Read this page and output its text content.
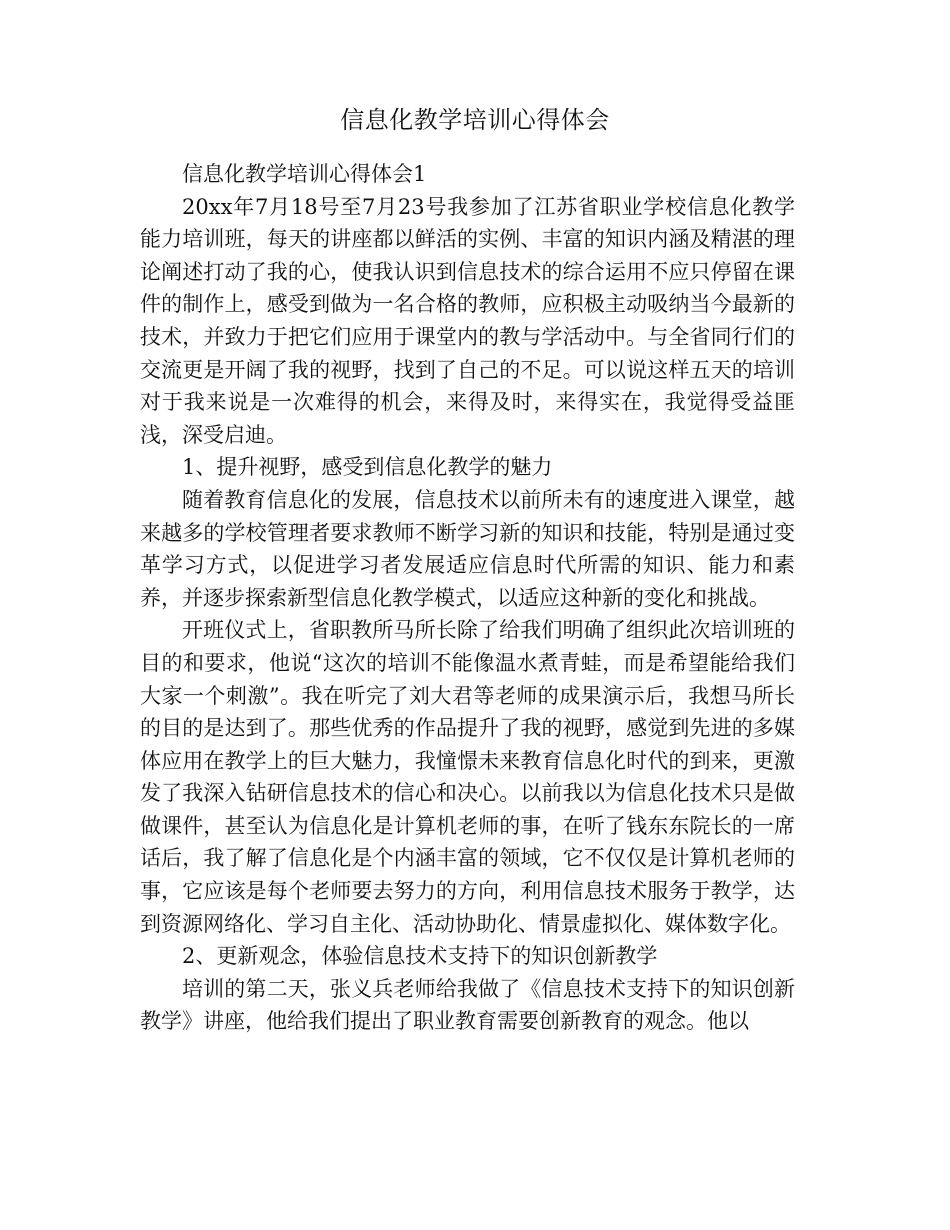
信息化教学培训心得体会

信息化教学培训心得体会1

20xx年7月18号至7月23号我参加了江苏省职业学校信息化教学能力培训班，每天的讲座都以鲜活的实例、丰富的知识内涵及精湛的理论阐述打动了我的心，使我认识到信息技术的综合运用不应只停留在课件的制作上，感受到做为一名合格的教师，应积极主动吸纳当今最新的技术，并致力于把它们应用于课堂内的教与学活动中。与全省同行们的交流更是开阔了我的视野，找到了自己的不足。可以说这样五天的培训对于我来说是一次难得的机会，来得及时，来得实在，我觉得受益匪浅，深受启迪。

1、提升视野，感受到信息化教学的魅力

随着教育信息化的发展，信息技术以前所未有的速度进入课堂，越来越多的学校管理者要求教师不断学习新的知识和技能，特别是通过变革学习方式，以促进学习者发展适应信息时代所需的知识、能力和素养，并逐步探索新型信息化教学模式，以适应这种新的变化和挑战。

开班仪式上，省职教所马所长除了给我们明确了组织此次培训班的目的和要求，他说“这次的培训不能像温水煮青蛙，而是希望能给我们大家一个刺激”。我在听完了刘大君等老师的成果演示后，我想马所长的目的是达到了。那些优秀的作品提升了我的视野，感觉到先进的多媒体应用在教学上的巨大魅力，我憧憬未来教育信息化时代的到来，更激发了我深入钻研信息技术的信心和决心。以前我以为信息化技术只是做做课件，甚至认为信息化是计算机老师的事，在听了钱东东院长的一席话后，我了解了信息化是个内涵丰富的领域，它不仅仅是计算机老师的事，它应该是每个老师要去努力的方向，利用信息技术服务于教学，达到资源网络化、学习自主化、活动协助化、情景虚拟化、媒体数字化。

2、更新观念，体验信息技术支持下的知识创新教学

培训的第二天，张义兵老师给我做了《信息技术支持下的知识创新教学》讲座，他给我们提出了职业教育需要创新教育的观念。他以
